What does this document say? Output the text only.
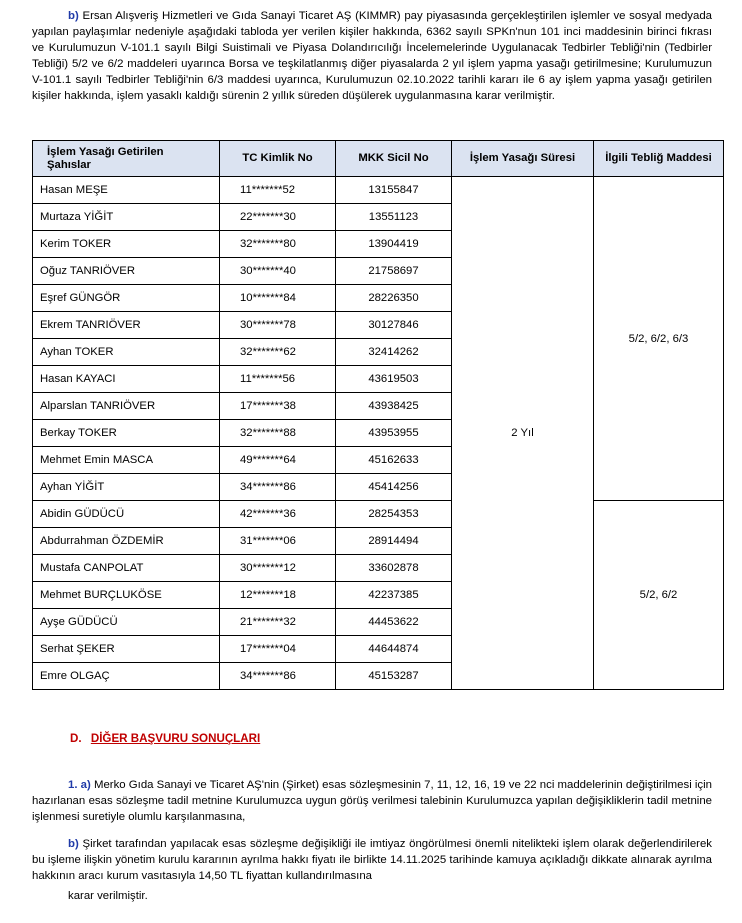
b) Ersan Alışveriş Hizmetleri ve Gıda Sanayi Ticaret AŞ (KIMMR) pay piyasasında gerçekleştirilen işlemler ve sosyal medyada yapılan paylaşımlar nedeniyle aşağıdaki tabloda yer verilen kişiler hakkında, 6362 sayılı SPKn'nun 101 inci maddesinin birinci fıkrası ve Kurulumuzun V-101.1 sayılı Bilgi Suistimali ve Piyasa Dolandırıcılığı İncelemelerinde Uygulanacak Tedbirler Tebliği'nin (Tedbirler Tebliği) 5/2 ve 6/2 maddeleri uyarınca Borsa ve teşkilatlanmış diğer piyasalarda 2 yıl işlem yapma yasağı getirilmesine; Kurulumuzun V-101.1 sayılı Tedbirler Tebliği'nin 6/3 maddesi uyarınca, Kurulumuzun 02.10.2022 tarihli kararı ile 6 ay işlem yapma yasağı getirilen kişiler hakkında, işlem yasaklı kaldığı sürenin 2 yıllık süreden düşülerek uygulanmasına karar verilmiştir.

İşlem Yasağı Getirilen Şahıslar	TC Kimlik No	MKK Sicil No	İşlem Yasağı Süresi	İlgili Tebliğ Maddesi
Hasan MEŞE	11*******52	13155847	2 Yıl	5/2, 6/2, 6/3
Murtaza YİĞİT	22*******30	13551123		
Kerim TOKER	32*******80	13904419		
Oğuz TANRIÖVER	30*******40	21758697		
Eşref GÜNGÖR	10*******84	28226350		
Ekrem TANRIÖVER	30*******78	30127846		
Ayhan TOKER	32*******62	32414262		
Hasan KAYACI	11*******56	43619503		
Alparslan TANRIÖVER	17*******38	43938425		
Berkay TOKER	32*******88	43953955		
Mehmet Emin MASCA	49*******64	45162633		
Ayhan YİĞİT	34*******86	45414256		
Abidin GÜDÜCÜ	42*******36	28254353		5/2, 6/2
Abdurrahman ÖZDEMİR	31*******06	28914494		
Mustafa CANPOLAT	30*******12	33602878		
Mehmet BURÇLUKÖSE	12*******18	42237385		
Ayşe GÜDÜCÜ	21*******32	44453622		
Serhat ŞEKER	17*******04	44644874		
Emre OLGAÇ	34*******86	45153287		
D. DİĞER BAŞVURU SONUÇLARI

1. a) Merko Gıda Sanayi ve Ticaret AŞ'nin (Şirket) esas sözleşmesinin 7, 11, 12, 16, 19 ve 22 nci maddelerinin değiştirilmesi için hazırlanan esas sözleşme tadil metnine Kurulumuzca uygun görüş verilmesi talebinin Kurulumuzca yapılan değişikliklerin tadil metnine işlenmesi suretiyle olumlu karşılanmasına,

b) Şirket tarafından yapılacak esas sözleşme değişikliği ile imtiyaz öngörülmesi önemli nitelikteki işlem olarak değerlendirilerek bu işleme ilişkin yönetim kurulu kararının ayrılma hakkı fiyatı ile birlikte 14.11.2025 tarihinde kamuya açıkladığı dikkate alınarak ayrılma hakkının aracı kurum vasıtasıyla 14,50 TL fiyattan kullandırılmasına

karar verilmiştir.
